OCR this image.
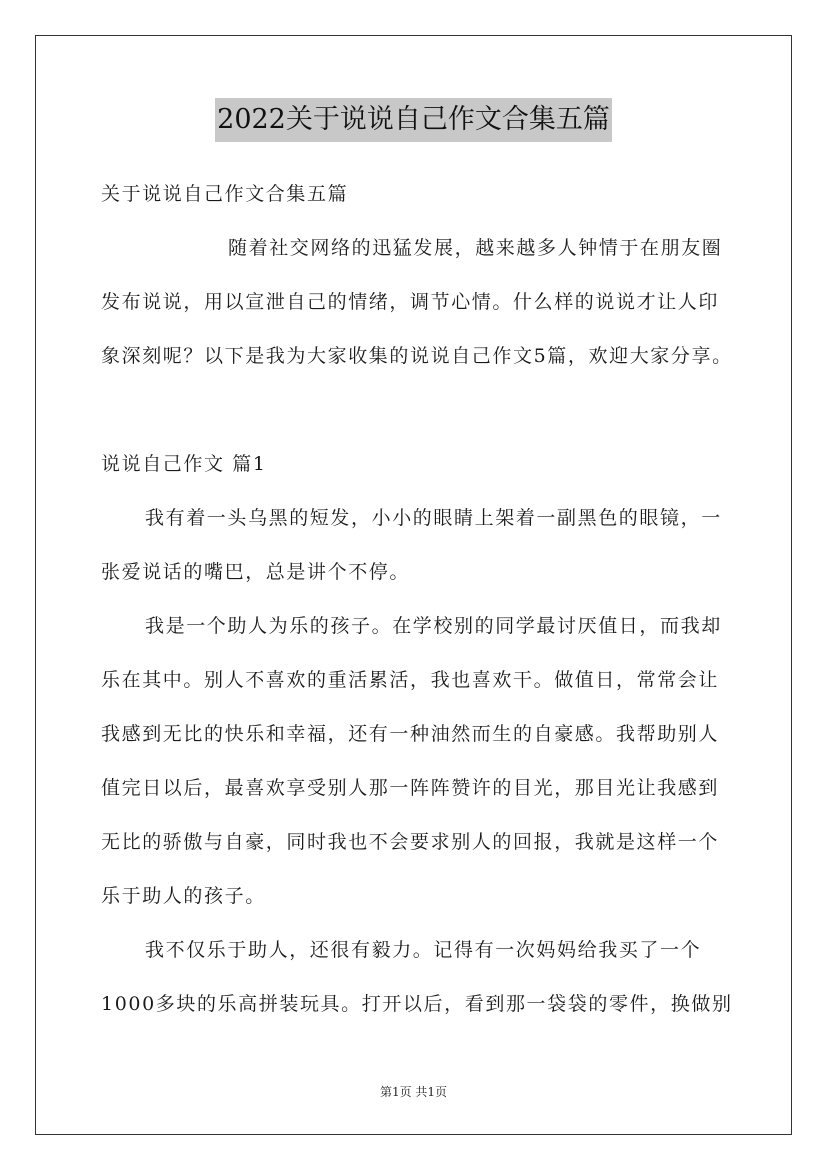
2022关于说说自己作文合集五篇
关于说说自己作文合集五篇
随着社交网络的迅猛发展，越来越多人钟情于在朋友圈
发布说说，用以宣泄自己的情绪，调节心情。什么样的说说才让人印
象深刻呢？以下是我为大家收集的说说自己作文5篇，欢迎大家分享。
说说自己作文 篇1
我有着一头乌黑的短发，小小的眼睛上架着一副黑色的眼镜，一
张爱说话的嘴巴，总是讲个不停。
我是一个助人为乐的孩子。在学校别的同学最讨厌值日，而我却
乐在其中。别人不喜欢的重活累活，我也喜欢干。做值日，常常会让
我感到无比的快乐和幸福，还有一种油然而生的自豪感。我帮助别人
值完日以后，最喜欢享受别人那一阵阵赞许的目光，那目光让我感到
无比的骄傲与自豪，同时我也不会要求别人的回报，我就是这样一个
乐于助人的孩子。
我不仅乐于助人，还很有毅力。记得有一次妈妈给我买了一个
1000多块的乐高拼装玩具。打开以后，看到那一袋袋的零件，换做别
第1页 共1页
